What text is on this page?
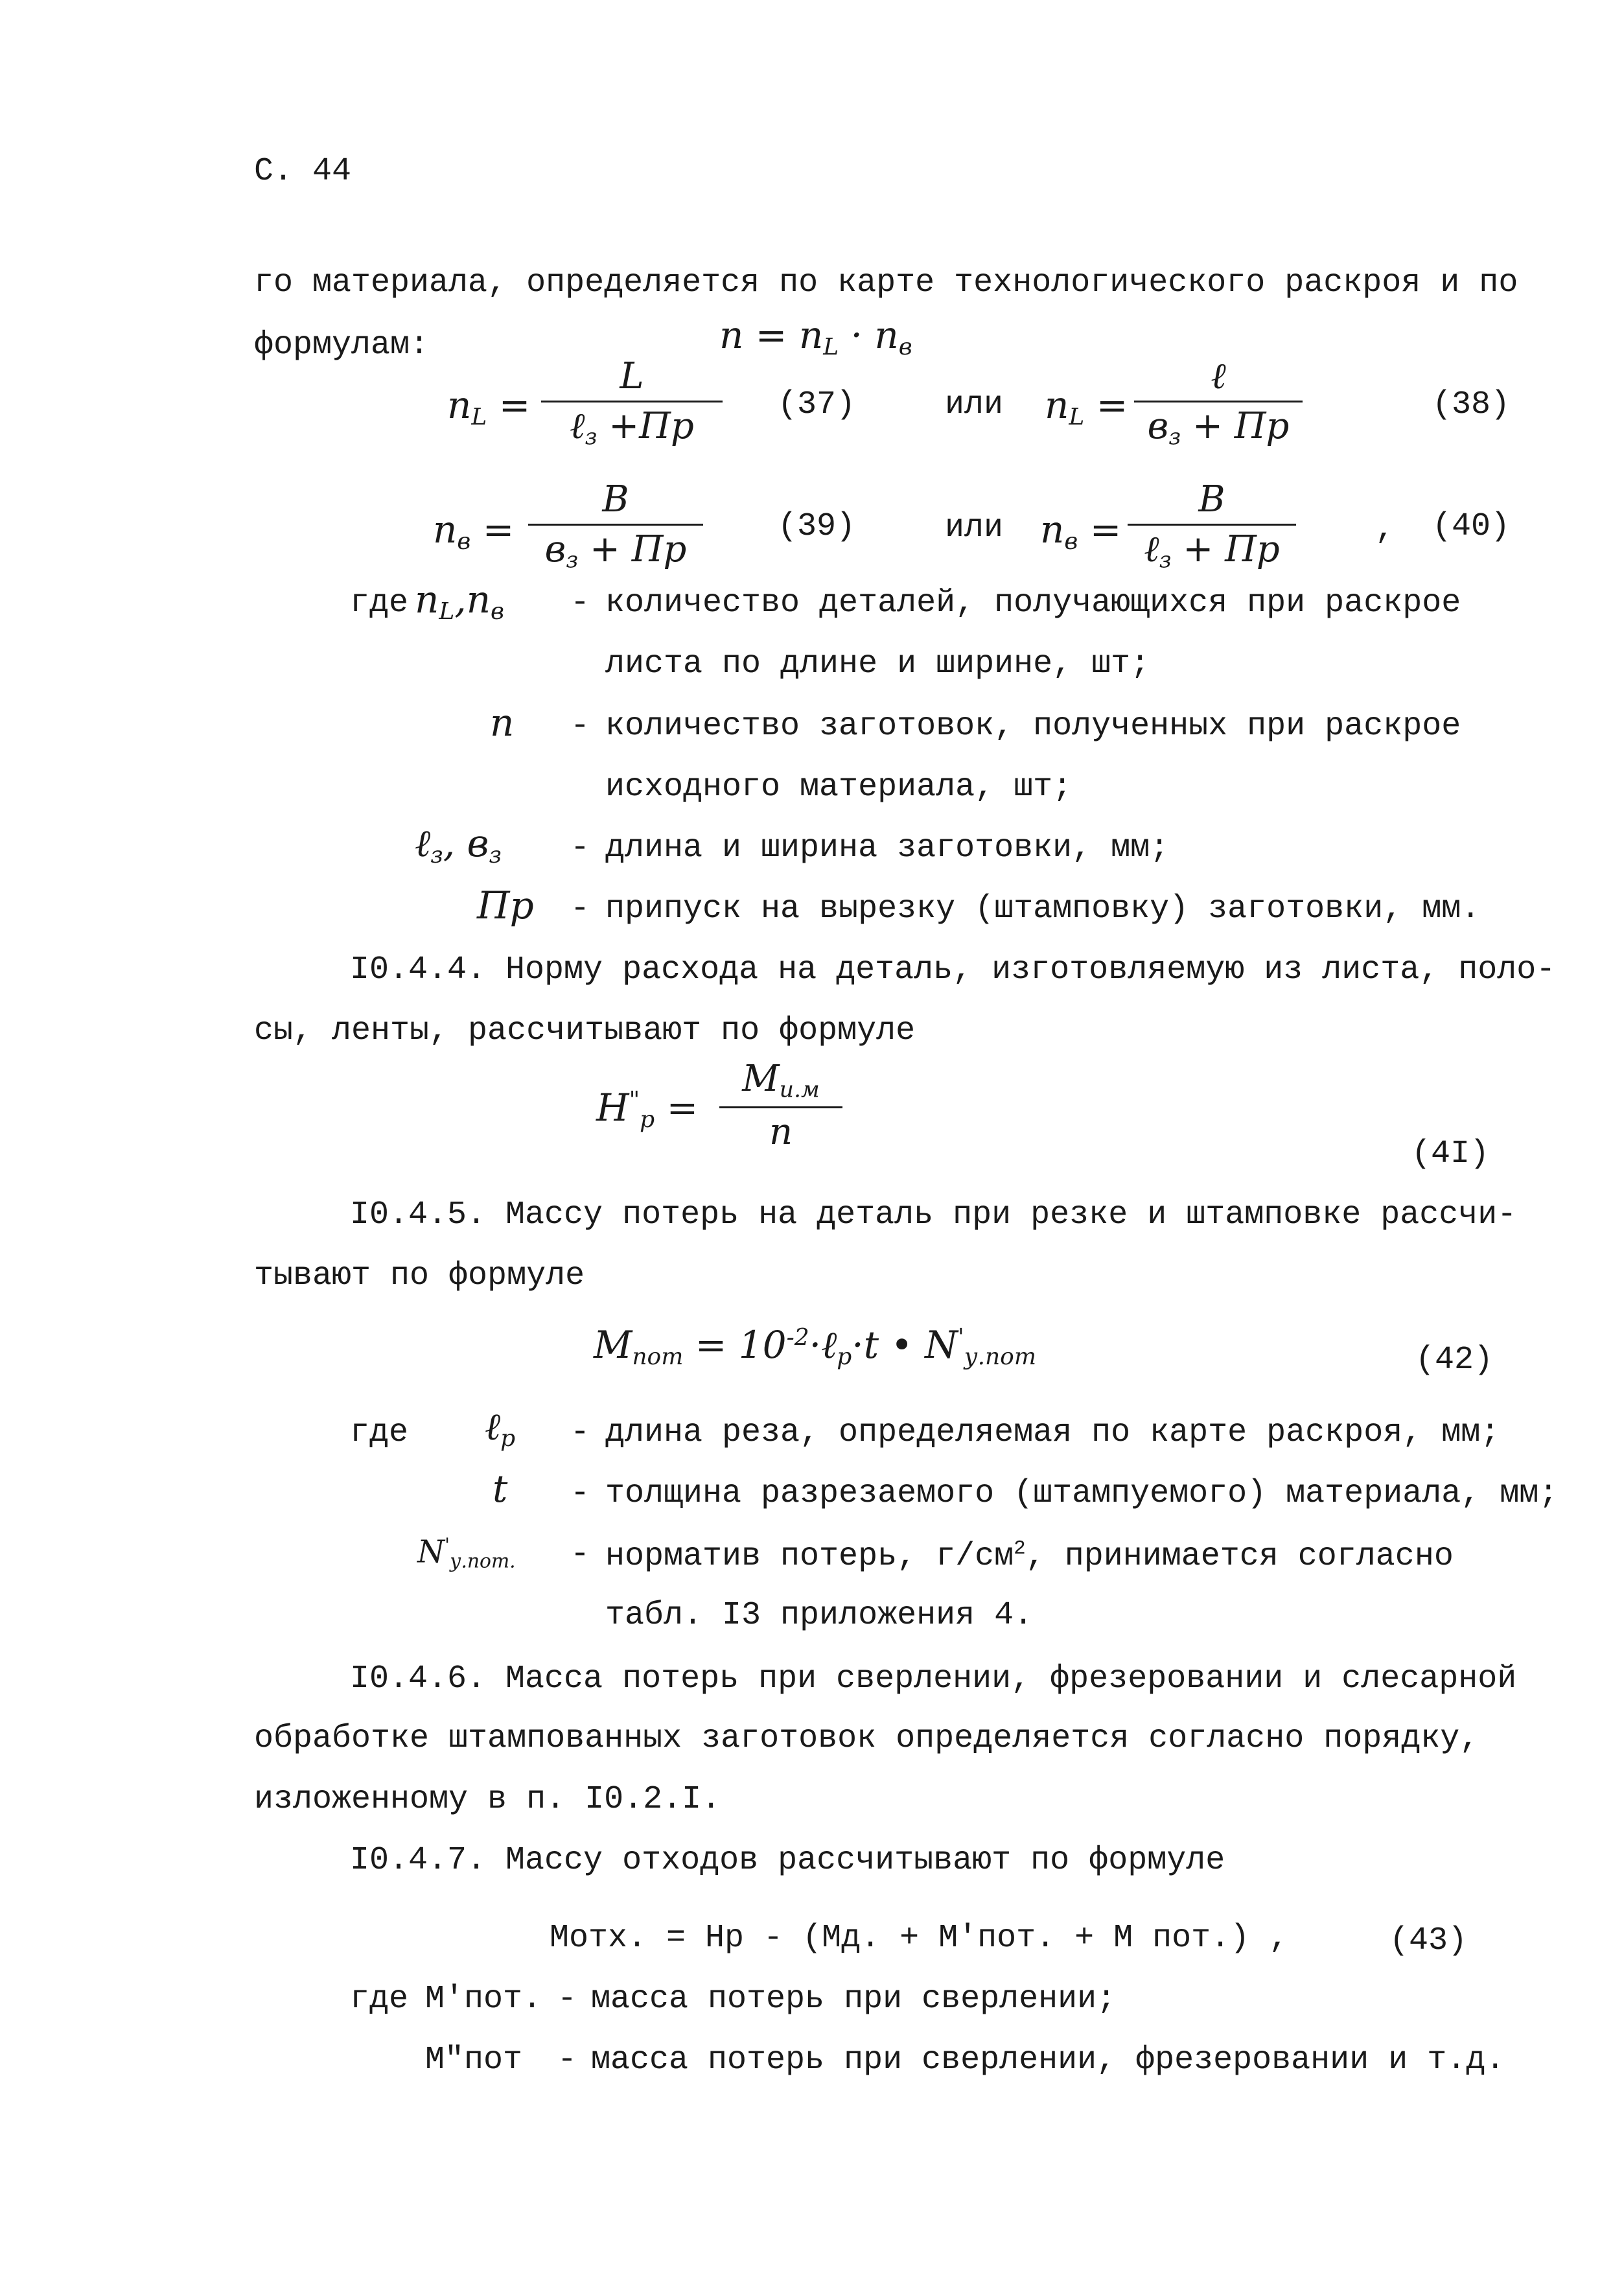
С. 44
го материала, определяется по карте технологического раскроя и по
формулам:	$n = n_L \cdot n_в$
$n_L$ =
L
ℓ$_з$ +Пр
(37)	или $n_L$ =
ℓ
$в_з$ + Пр
(38)
$n_в$ =
B
$в_з$ + Пр
(39)	или $n_в$ =
B
ℓ$_з$ + Пр	, (40)
где $n_L,n_в$ - количество деталей, получающихся при раскрое
листа по длине и ширине, шт;
n - количество заготовок, полученных при раскрое
исходного материала, шт;
ℓ$_з$, $в_з$ - длина и ширина заготовки, мм;
Пр - припуск на вырезку (штамповку) заготовки, мм.
I0.4.4. Норму расхода на деталь, изготовляемую из листа, поло-
сы, ленты, рассчитывают по формуле
$Н^"_р$ =
$М_{и.м}$
n
(4I)
I0.4.5. Массу потерь на деталь при резке и штамповке рассчи-
тывают по формуле
$М_{пот}$ = $10^{-2}\cdot\ell_р\cdot t$ • $N'_{у.пот}$	(42)
где ℓ$_р$ - длина реза, определяемая по карте раскроя, мм;
t - толщина разрезаемого (штампуемого) материала, мм;
$N'_{у.пот.}$ - норматив потерь, $г/см^2$, принимается согласно
табл. I3 приложения 4.
I0.4.6. Масса потерь при сверлении, фрезеровании и слесарной
обработке штампованных заготовок определяется согласно порядку,
изложенному в п. I0.2.I.
I0.4.7. Массу отходов рассчитывают по формуле
Мотх. = Нр - (Мд. + М'пот. + М пот.) ,	(43)
где М'пот. - масса потерь при сверлении;
М"пот - масса потерь при сверлении, фрезеровании и т.д.
